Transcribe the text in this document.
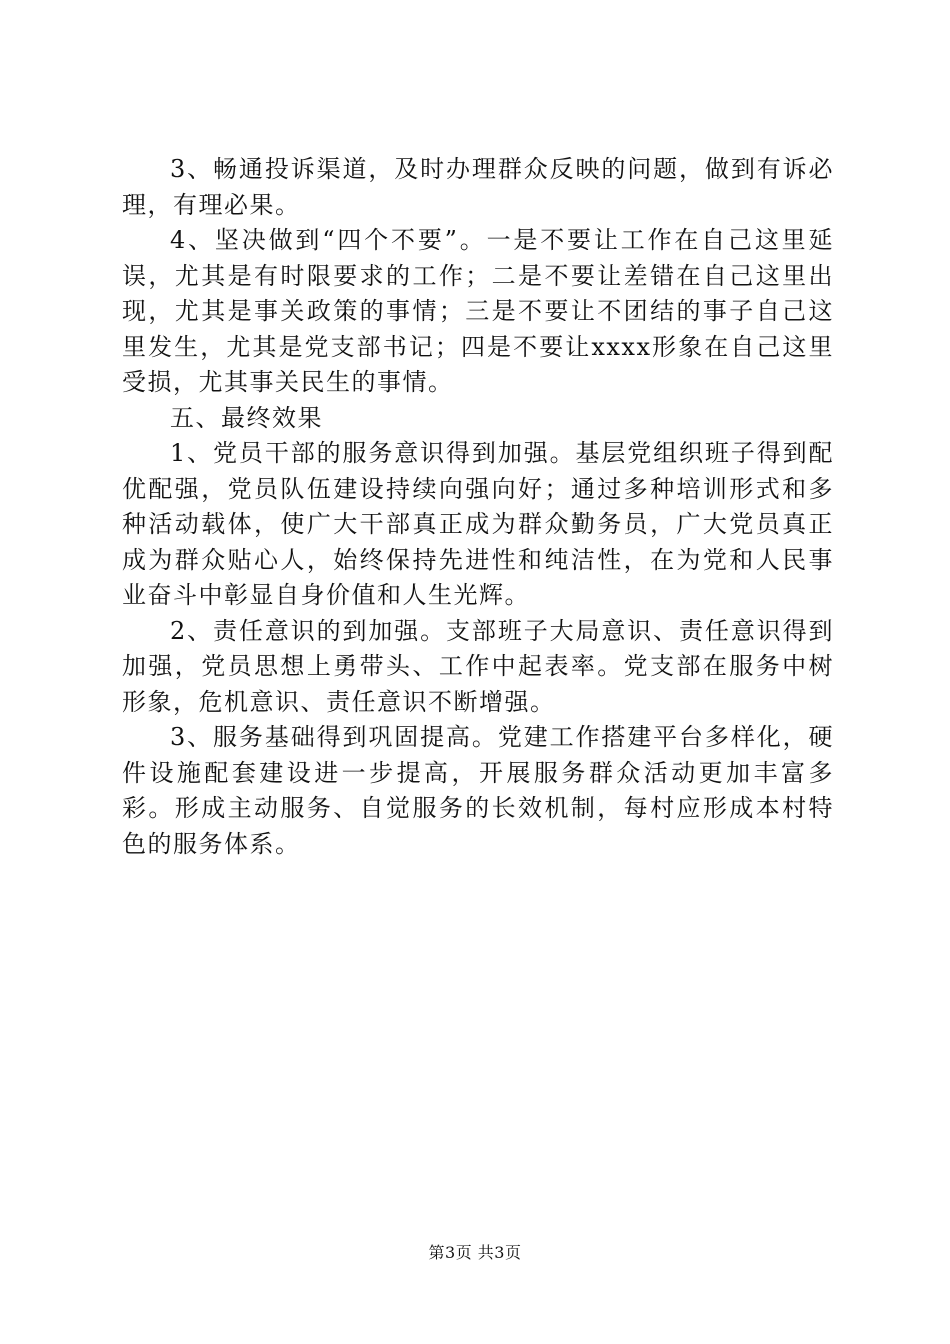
3、畅通投诉渠道，及时办理群众反映的问题，做到有诉必理，有理必果。

4、坚决做到“四个不要”。一是不要让工作在自己这里延误，尤其是有时限要求的工作；二是不要让差错在自己这里出现，尤其是事关政策的事情；三是不要让不团结的事子自己这里发生，尤其是党支部书记；四是不要让xxxx形象在自己这里受损，尤其事关民生的事情。

五、最终效果

1、党员干部的服务意识得到加强。基层党组织班子得到配优配强，党员队伍建设持续向强向好；通过多种培训形式和多种活动载体，使广大干部真正成为群众勤务员，广大党员真正成为群众贴心人，始终保持先进性和纯洁性，在为党和人民事业奋斗中彰显自身价值和人生光辉。

2、责任意识的到加强。支部班子大局意识、责任意识得到加强，党员思想上勇带头、工作中起表率。党支部在服务中树形象，危机意识、责任意识不断增强。

3、服务基础得到巩固提高。党建工作搭建平台多样化，硬件设施配套建设进一步提高，开展服务群众活动更加丰富多彩。形成主动服务、自觉服务的长效机制，每村应形成本村特色的服务体系。

第3页 共3页
